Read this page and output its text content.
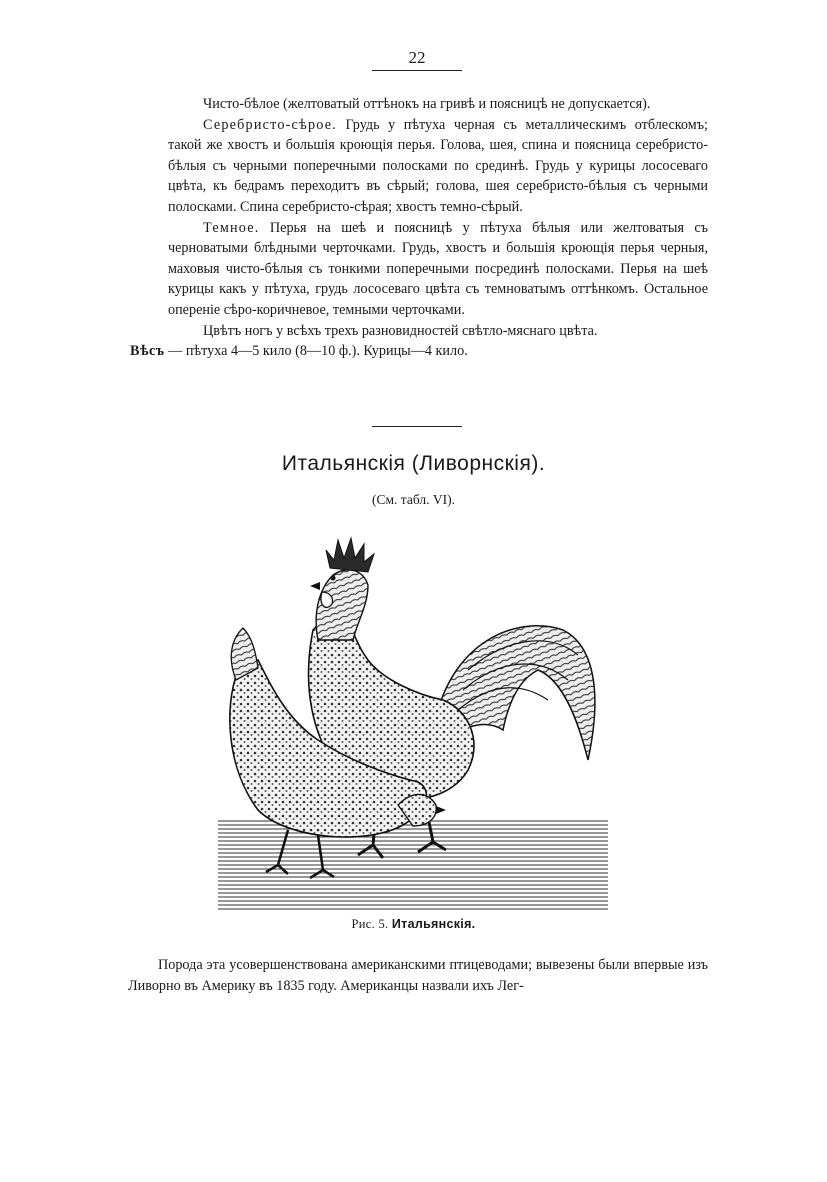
22

Чисто-бѣлое (желтоватый оттѣнокъ на гривѣ и поясницѣ не допускается).

Серебристо-сѣрое. Грудь у пѣтуха черная съ металлическимъ отблескомъ; такой же хвостъ и большія кроющія перья. Голова, шея, спина и поясница серебристо-бѣлыя съ черными поперечными полосками по срединѣ. Грудь у курицы лососеваго цвѣта, къ бедрамъ переходитъ въ сѣрый; голова, шея серебристо-бѣлыя съ черными полосками. Спина серебристо-сѣрая; хвостъ темно-сѣрый.

Темное. Перья на шеѣ и поясницѣ у пѣтуха бѣлыя или желтоватыя съ черноватыми блѣдными черточками. Грудь, хвостъ и большія кроющія перья черныя, маховыя чисто-бѣлыя съ тонкими поперечными посрединѣ полосками. Перья на шеѣ курицы какъ у пѣтуха, грудь лососеваго цвѣта съ темноватымъ оттѣнкомъ. Остальное опереніе сѣро-коричневое, темными черточками.

Цвѣтъ ногъ у всѣхъ трехъ разновидностей свѣтло-мяснаго цвѣта.

Вѣсъ — пѣтуха 4—5 кило (8—10 ф.). Курицы—4 кило.

Итальянскія (Ливорнскія).
(См. табл. VI).
Рис. 5. Итальянскія.

Порода эта усовершенствована американскими птицеводами; вывезены были впервые изъ Ливорно въ Америку въ 1835 году. Американцы назвали ихъ Лег-
